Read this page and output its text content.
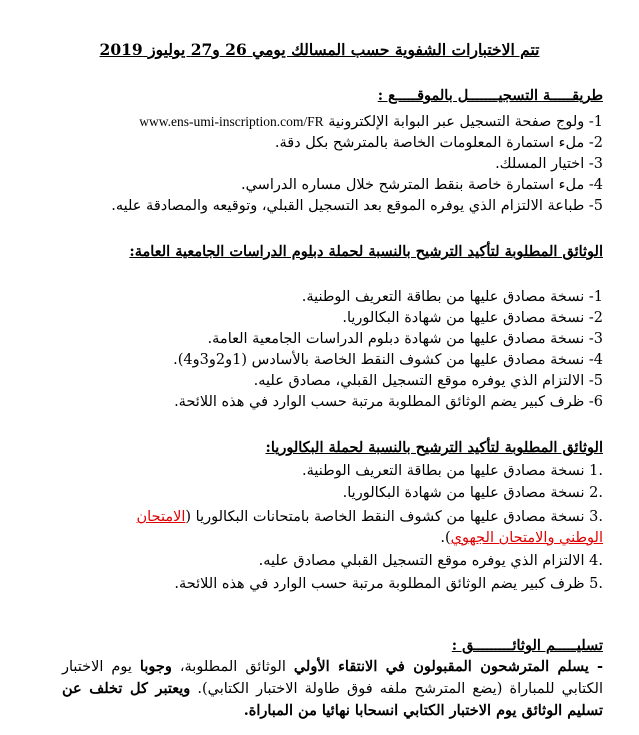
تتم الاختبارات الشفوية حسب المسالك يومي 26 و27 يوليوز 2019
طريقـــــة التسجيـــــــل بالموقـــــع :
1- ولوج صفحة التسجيل عبر البوابة الإلكترونية www.ens-umi-inscription.com/FR
2- ملء استمارة المعلومات الخاصة بالمترشح بكل دقة.
3- اختيار المسلك.
4- ملء استمارة خاصة بنقط المترشح خلال مساره الدراسي.
5- طباعة الالتزام الذي يوفره الموقع بعد التسجيل القبلي، وتوقيعه والمصادقة عليه.
الوثائق المطلوبة لتأكيد الترشيح بالنسبة لحملة دبلوم الدراسات الجامعية العامة:
1- نسخة مصادق عليها من بطاقة التعريف الوطنية.
2- نسخة مصادق عليها من شهادة البكالوريا.
3- نسخة مصادق عليها من شهادة دبلوم الدراسات الجامعية العامة.
4- نسخة مصادق عليها من كشوف النقط الخاصة بالأسادس (1و2و3و4).
5- الالتزام الذي يوفره موقع التسجيل القبلي، مصادق عليه.
6- ظرف كبير يضم الوثائق المطلوبة مرتبة حسب الوارد في هذه اللائحة.
الوثائق المطلوبة لتأكيد الترشيح بالنسبة لحملة البكالوريا:
.1 نسخة مصادق عليها من بطاقة التعريف الوطنية.
.2 نسخة مصادق عليها من شهادة البكالوريا.
.3 نسخة مصادق عليها من كشوف النقط الخاصة بامتحانات البكالوريا (الامتحان
الوطني والامتحان الجهوي).
.4 الالتزام الذي يوفره موقع التسجيل القبلي مصادق عليه.
.5 ظرف كبير يضم الوثائق المطلوبة مرتبة حسب الوارد في هذه اللائحة.
تسليـــــم الوثائـــــــــق :
- يسلم المترشحون المقبولون في الانتقاء الأولي الوثائق المطلوبة، وجوبا يوم الاختبار الكتابي للمباراة (يضع المترشح ملفه فوق طاولة الاختبار الكتابي). ويعتبر كل تخلف عن تسليم الوثائق يوم الاختبار الكتابي انسحابا نهائيا من المباراة.
